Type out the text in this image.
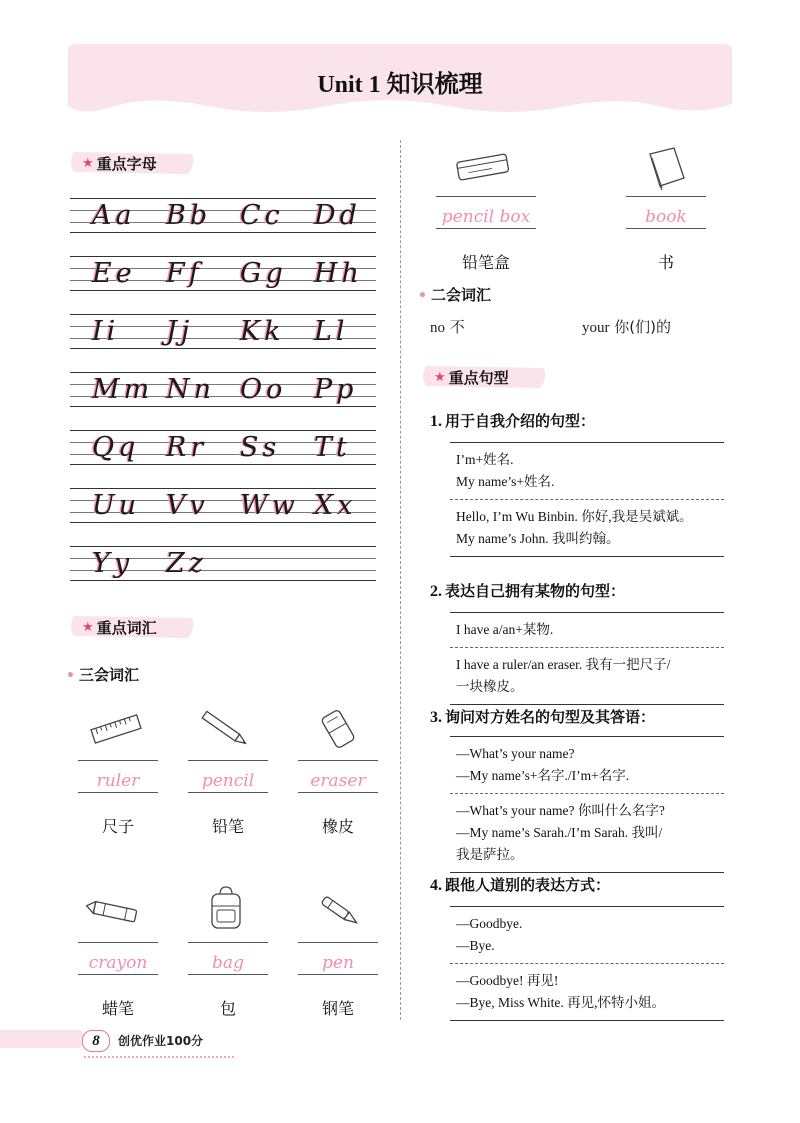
Unit 1 知识梳理
★ 重点字母
Aa Bb Cc Dd
Ee Ff Gg Hh
Ii Jj Kk Ll
Mm Nn Oo Pp
Qq Rr Ss Tt
Uu Vv Ww Xx
Yy Zz
★ 重点词汇
• 三会词汇
ruler
尺子
pencil
铅笔
eraser
橡皮
crayon
蜡笔
bag
包
pen
钢笔
pencil box
铅笔盒
book
书
• 二会词汇
no 不	your 你(们)的
★ 重点句型
1. 用于自我介绍的句型：
I’m+姓名.
My name’s+姓名.
Hello, I’m Wu Binbin. 你好,我是吴斌斌。
My name’s John. 我叫约翰。
2. 表达自己拥有某物的句型：
I have a/an+某物.
I have a ruler/an eraser. 我有一把尺子/
一块橡皮。
3. 询问对方姓名的句型及其答语：
—What’s your name?
—My name’s+名字./I’m+名字.
—What’s your name? 你叫什么名字?
—My name’s Sarah./I’m Sarah. 我叫/
我是萨拉。
4. 跟他人道别的表达方式：
—Goodbye.
—Bye.
—Goodbye! 再见!
—Bye, Miss White. 再见,怀特小姐。
8	创优作业100分
